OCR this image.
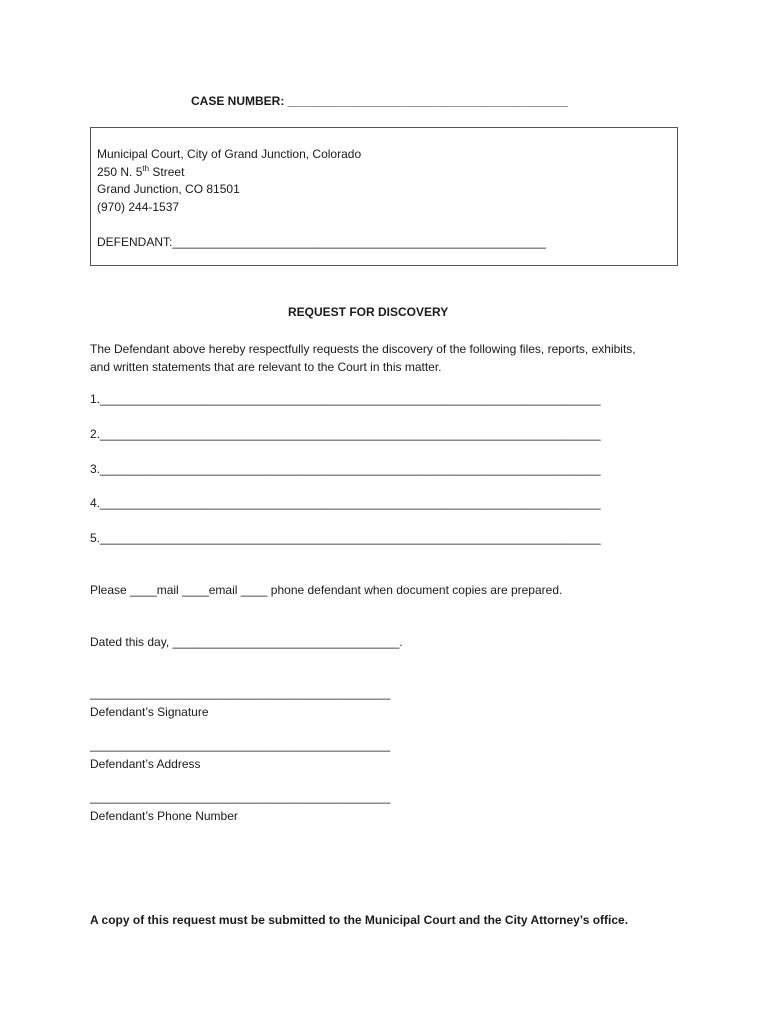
CASE NUMBER: __________________________________________
Municipal Court, City of Grand Junction, Colorado
250 N. 5th Street
Grand Junction, CO 81501
(970) 244-1537
DEFENDANT:________________________________________________________
REQUEST FOR DISCOVERY
The Defendant above hereby respectfully requests the discovery of the following files, reports, exhibits,
and written statements that are relevant to the Court in this matter.
1.___________________________________________________________________________
2.___________________________________________________________________________
3.___________________________________________________________________________
4.___________________________________________________________________________
5.___________________________________________________________________________
Please ____mail ____email ____ phone defendant when document copies are prepared.
Dated this day, __________________________________.
_____________________________________________
Defendant’s Signature
_____________________________________________
Defendant’s Address
_____________________________________________
Defendant’s Phone Number
A copy of this request must be submitted to the Municipal Court and the City Attorney’s office.
